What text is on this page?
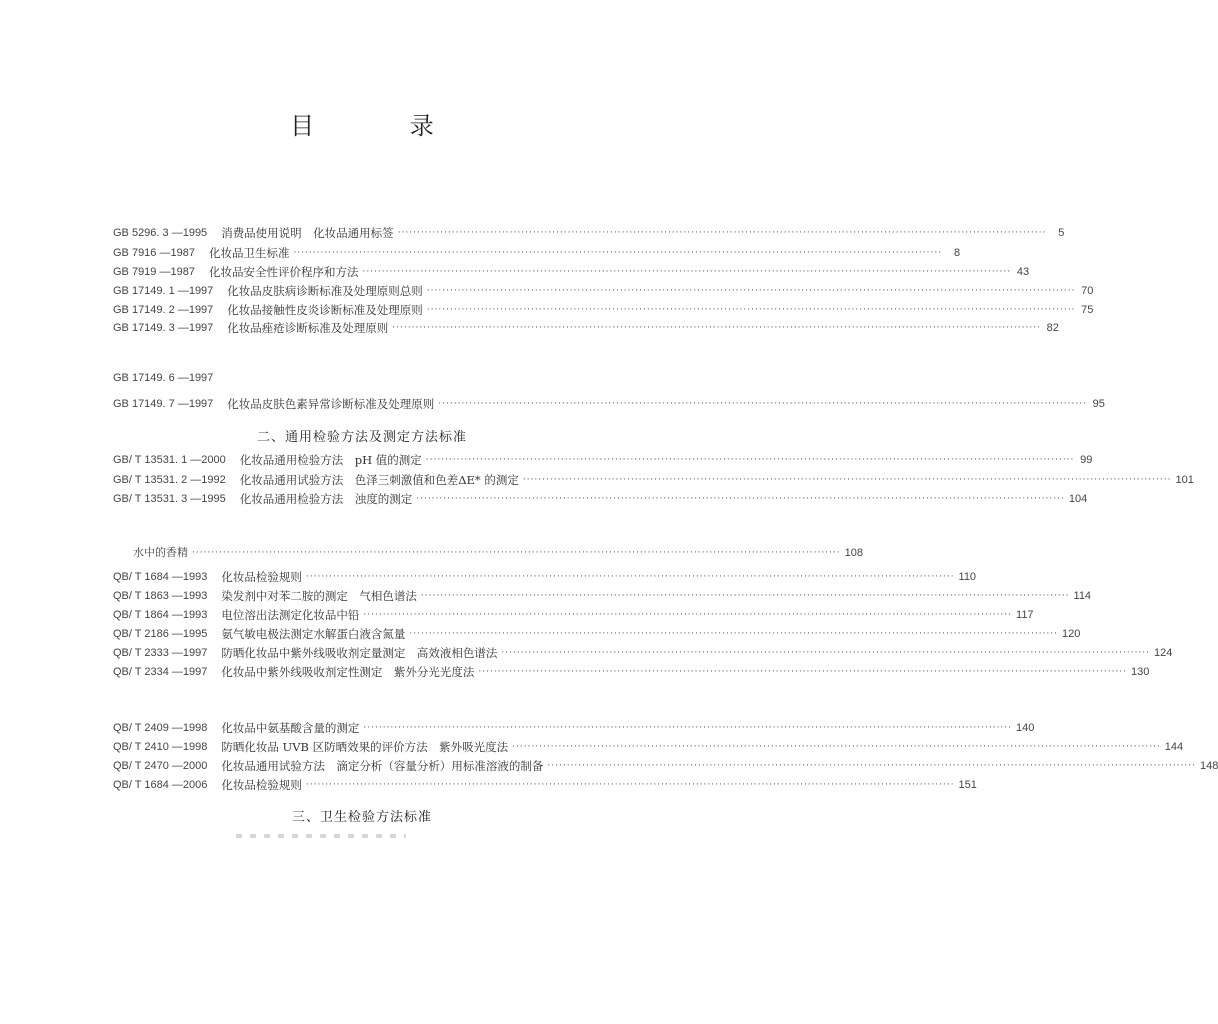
目 录
GB 5296. 3 —1995 消费品使用说明　化妆品通用标签 ·····	5
GB 7916 —1987 化妆品卫生标准 ·····	8
GB 7919 —1987 化妆品安全性评价程序和方法 ·····	43
GB 17149. 1 —1997 化妆品皮肤病诊断标准及处理原则总则 ·····	70
GB 17149. 2 —1997 化妆品接触性皮炎诊断标准及处理原则 ·····	75
GB 17149. 3 —1997 化妆品痤疮诊断标准及处理原则 ·····	82
GB 17149. 6 —1997
GB 17149. 7 —1997 化妆品皮肤色素异常诊断标准及处理原则 ·····	95
二、通用检验方法及测定方法标准
GB/ T 13531. 1 —2000 化妆品通用检验方法　pH 值的测定 ·····	99
GB/ T 13531. 2 —1992 化妆品通用试验方法　色泽三刺激值和色差ΔE* 的测定 ·····	101
GB/ T 13531. 3 —1995 化妆品通用检验方法　浊度的测定 ·····	104
水中的香精 ·····	108
QB/ T 1684 —1993 化妆品检验规则 ·····	110
QB/ T 1863 —1993 染发剂中对苯二胺的测定　气相色谱法 ·····	114
QB/ T 1864 —1993 电位溶出法测定化妆品中铅 ·····	117
QB/ T 2186 —1995 氨气敏电极法测定水解蛋白液含氮量 ·····	120
QB/ T 2333 —1997 防晒化妆品中紫外线吸收剂定量测定　高效液相色谱法 ·····	124
QB/ T 2334 —1997 化妆品中紫外线吸收剂定性测定　紫外分光光度法 ·····	130
QB/ T 2409 —1998 化妆品中氨基酸含量的测定 ·····	140
QB/ T 2410 —1998 防晒化妆品 UVB 区防晒效果的评价方法　紫外吸光度法 ·····	144
QB/ T 2470 —2000 化妆品通用试验方法　滴定分析（容量分析）用标准溶液的制备 ·····	148
QB/ T 1684 —2006 化妆品检验规则 ·····	151
三、卫生检验方法标准
